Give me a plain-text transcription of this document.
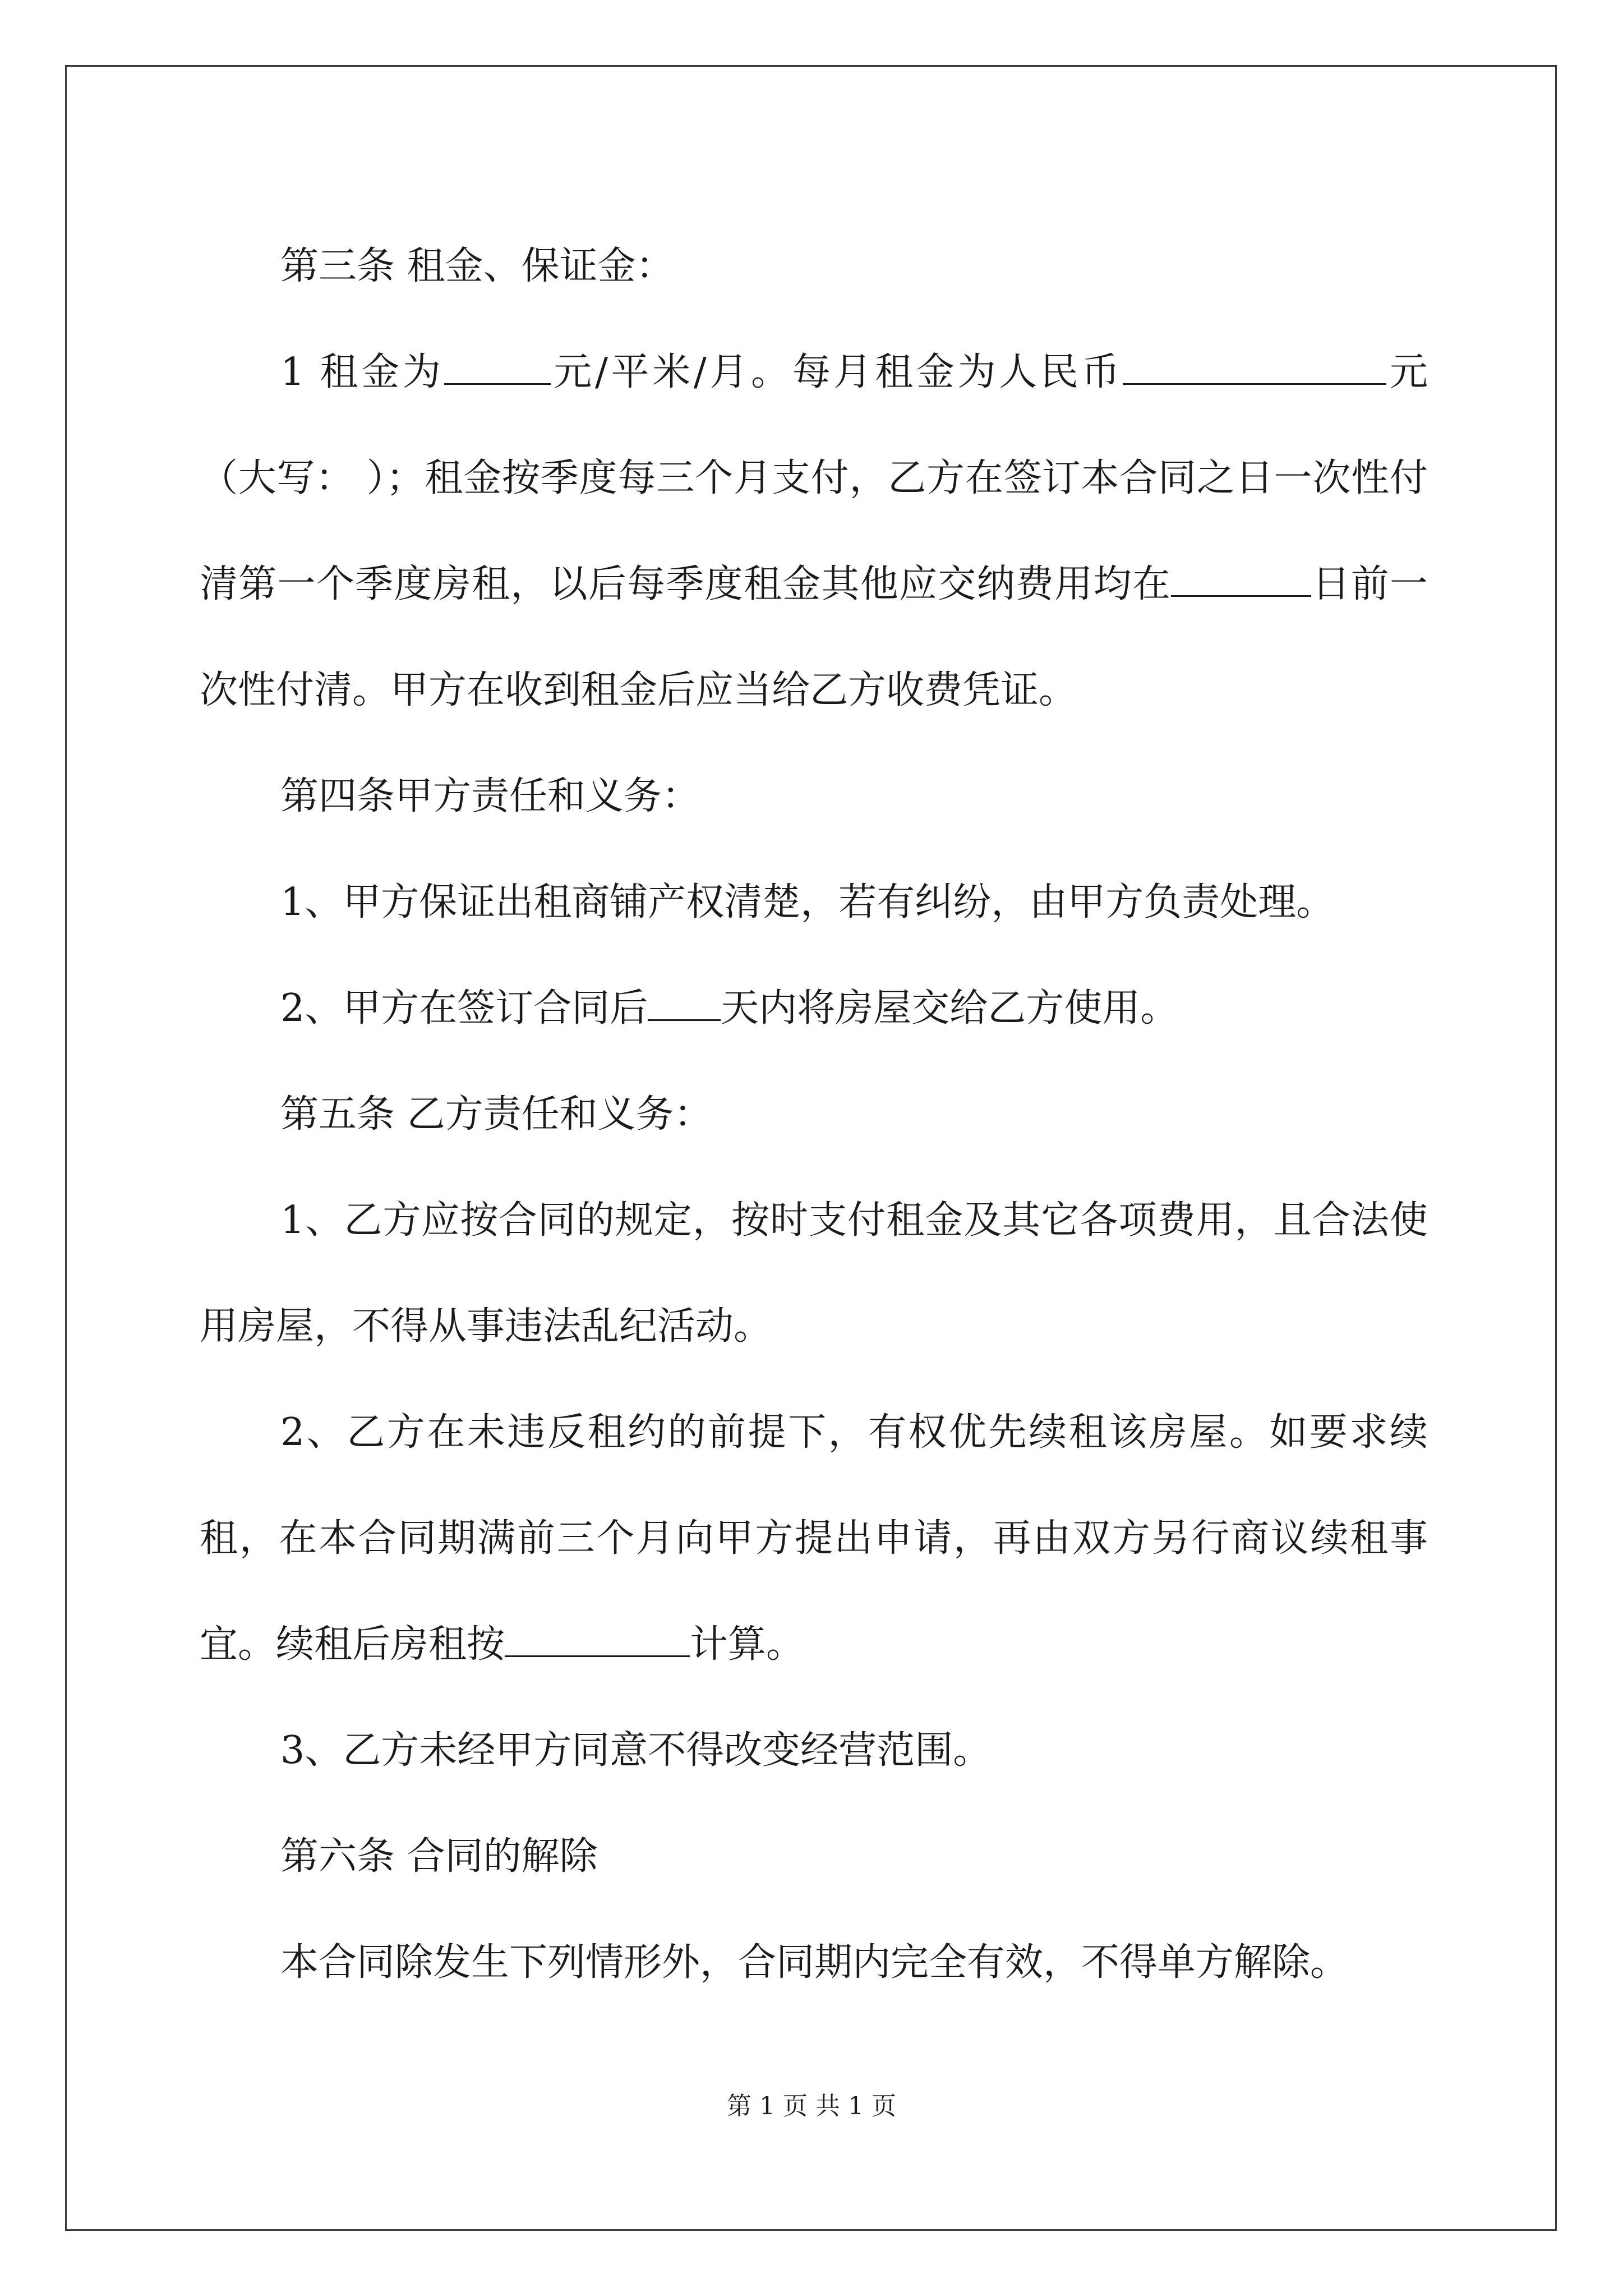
第三条 租金、保证金：

1 租金为	元/平米/月。每月租金为人民币	元（大写： ）；租金按季度每三个月支付，乙方在签订本合同之日一次性付清第一个季度房租，以后每季度租金其他应交纳费用均在	日前一次性付清。甲方在收到租金后应当给乙方收费凭证。

第四条甲方责任和义务：

1、甲方保证出租商铺产权清楚，若有纠纷，由甲方负责处理。

2、甲方在签订合同后 天内将房屋交给乙方使用。

第五条 乙方责任和义务：

1、乙方应按合同的规定，按时支付租金及其它各项费用，且合法使用房屋，不得从事违法乱纪活动。

2、乙方在未违反租约的前提下，有权优先续租该房屋。如要求续租，在本合同期满前三个月向甲方提出申请，再由双方另行商议续租事宜。续租后房租按	计算。

3、乙方未经甲方同意不得改变经营范围。

第六条 合同的解除

本合同除发生下列情形外，合同期内完全有效，不得单方解除。

第 1 页 共 1 页
